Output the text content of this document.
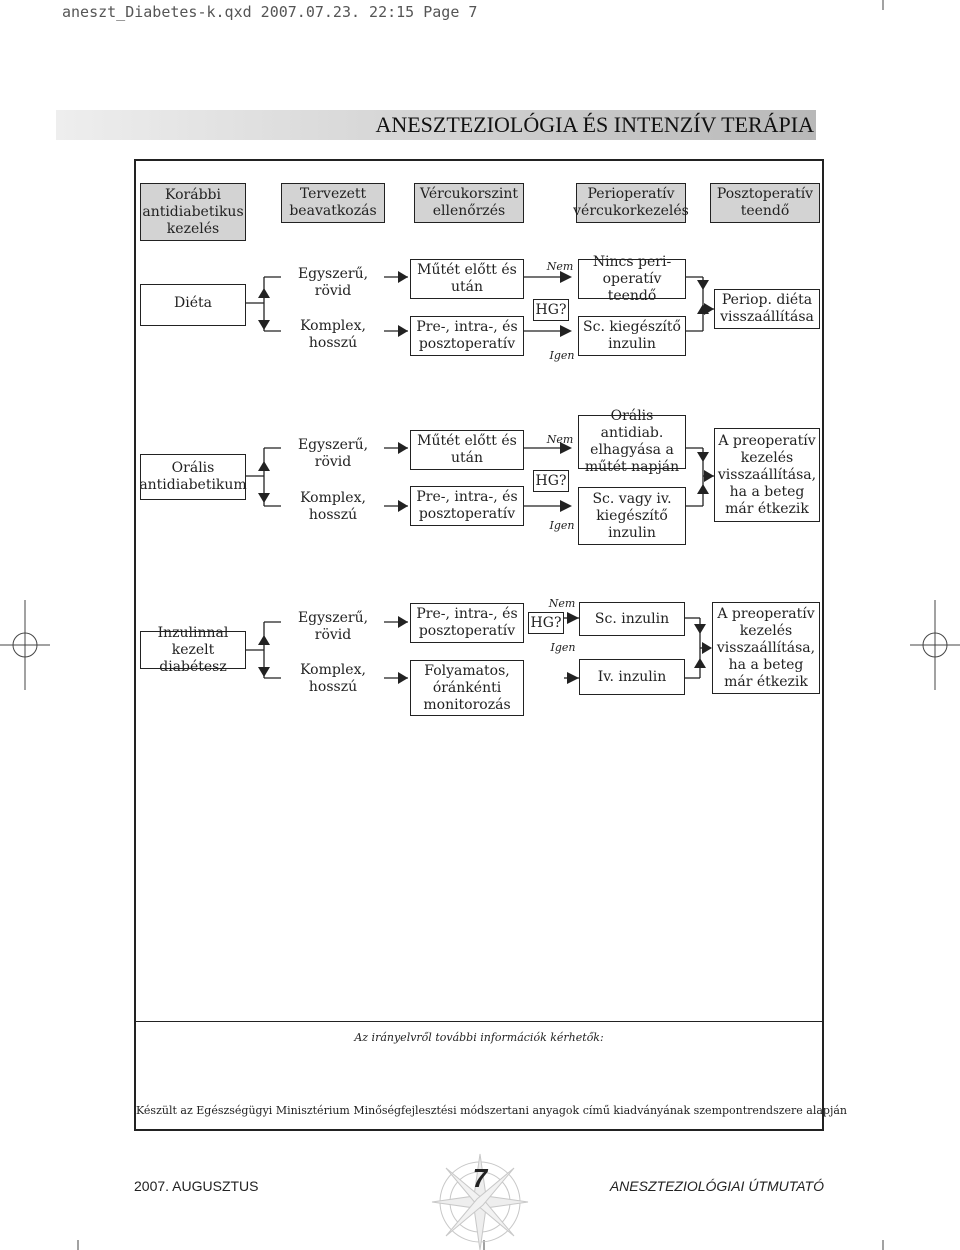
aneszt_Diabetes-k.qxd 2007.07.23. 22:15 Page 7
ANESZTEZIOLÓGIA ÉS INTENZÍV TERÁPIA
Korábbi antidiabetikus kezelés
Tervezett beavatkozás
Vércukorszint ellenőrzés
Perioperatív vércukorkezelés
Posztoperatív teendő
Diéta
Egyszerű, rövid
Komplex, hosszú
Műtét előtt és után
Pre-, intra-, és posztoperatív
HG?
Nem
Igen
Nincs peri-operatív teendő
Sc. kiegészítő inzulin
Periop. diéta visszaállítása
Orális antidiabetikum
Egyszerű, rövid
Komplex, hosszú
Műtét előtt és után
Pre-, intra-, és posztoperatív
HG?
Nem
Igen
Orális antidiab. elhagyása a műtét napján
Sc. vagy iv. kiegészítő inzulin
A preoperatív kezelés visszaállítása, ha a beteg már étkezik
Inzulinnal kezelt diabétesz
Egyszerű, rövid
Komplex, hosszú
Pre-, intra-, és posztoperatív
Folyamatos, óránkénti monitorozás
HG?
Nem
Igen
Sc. inzulin
Iv. inzulin
A preoperatív kezelés visszaállítása, ha a beteg már étkezik
Az irányelvről további információk kérhetők:
Készült az Egészségügyi Minisztérium Minőségfejlesztési módszertani anyagok című kiadványának szempontrendszere alapján
2007. AUGUSZTUS	7	ANESZTEZIOLÓGIAI ÚTMUTATÓ
